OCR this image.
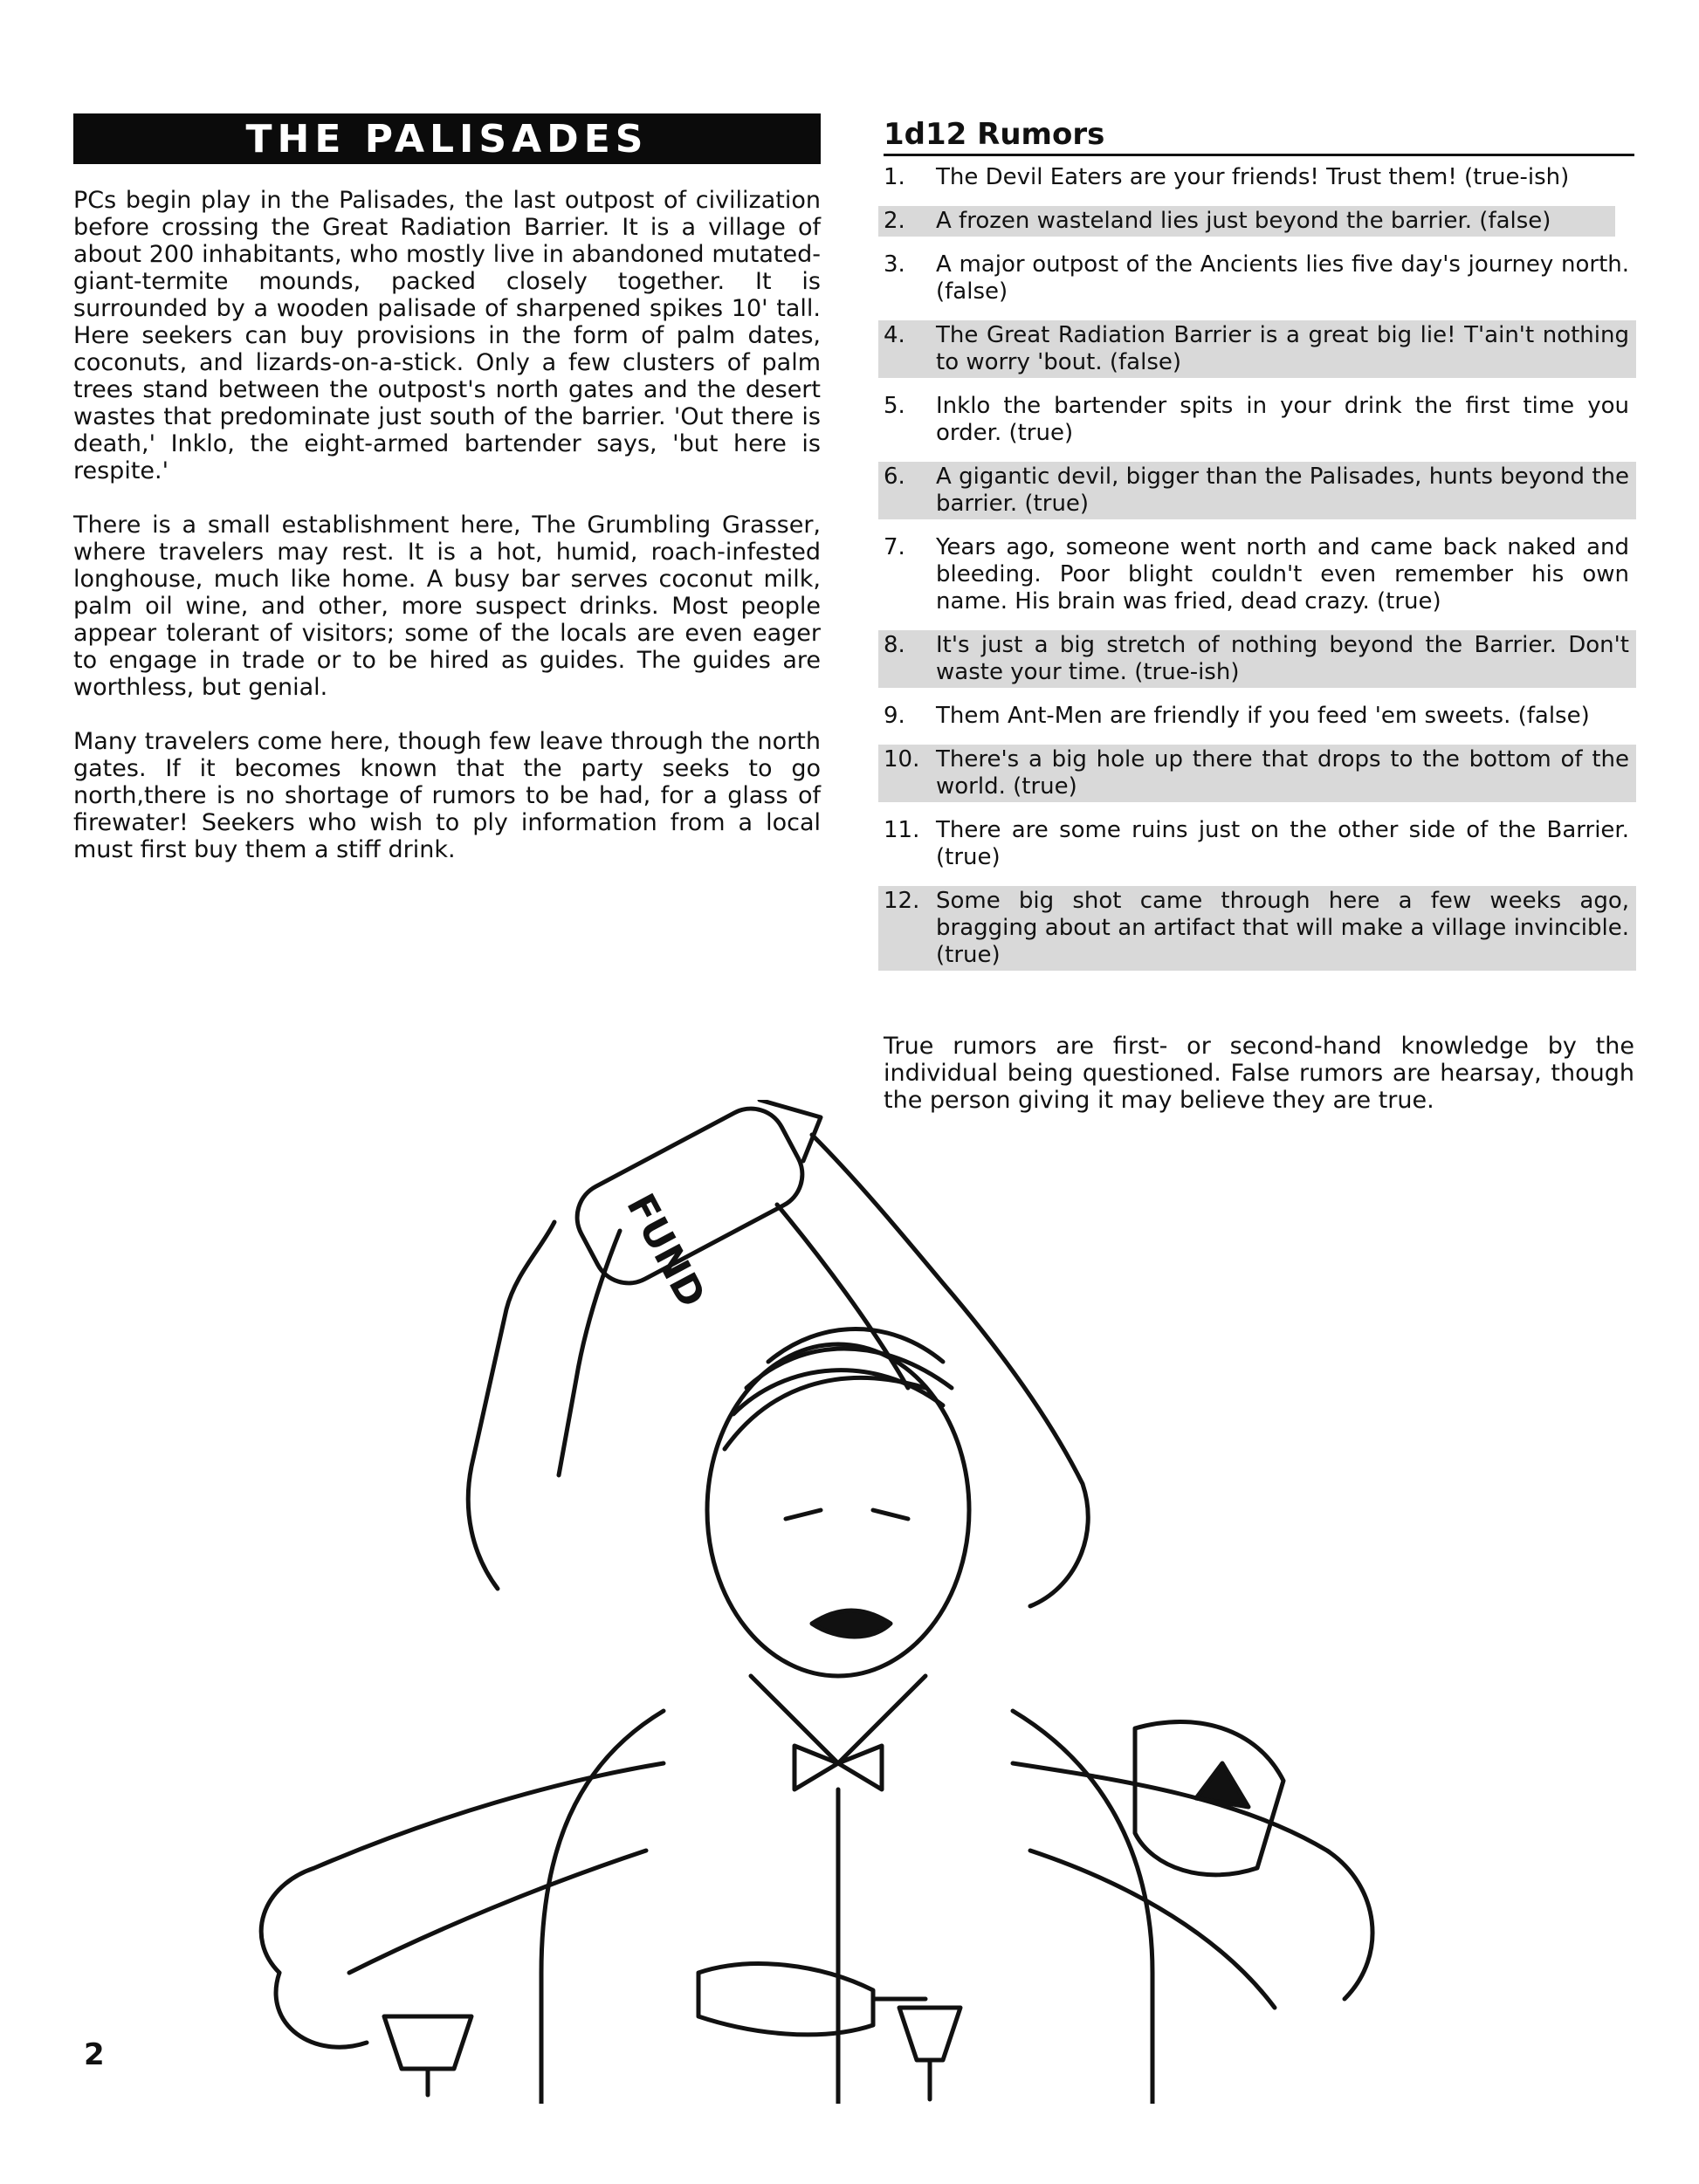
THE PALISADES

PCs begin play in the Palisades, the last outpost of civilization before crossing the Great Radiation Barrier. It is a village of about 200 inhabitants, who mostly live in abandoned mutated-giant-termite mounds, packed closely together. It is surrounded by a wooden palisade of sharpened spikes 10' tall. Here seekers can buy provisions in the form of palm dates, coconuts, and lizards-on-a-stick. Only a few clusters of palm trees stand between the outpost's north gates and the desert wastes that predominate just south of the barrier. 'Out there is death,' Inklo, the eight-armed bartender says, 'but here is respite.'

There is a small establishment here, The Grumbling Grasser, where travelers may rest. It is a hot, humid, roach-infested longhouse, much like home. A busy bar serves coconut milk, palm oil wine, and other, more suspect drinks. Most people appear tolerant of visitors; some of the locals are even eager to engage in trade or to be hired as guides. The guides are worthless, but genial.

Many travelers come here, though few leave through the north gates. If it becomes known that the party seeks to go north,there is no shortage of rumors to be had, for a glass of firewater! Seekers who wish to ply information from a local must first buy them a stiff drink.

1d12 Rumors
1.	The Devil Eaters are your friends! Trust them! (true-ish)
2.	A frozen wasteland lies just beyond the barrier. (false)
3.	A major outpost of the Ancients lies five day's journey north. (false)
4.	The Great Radiation Barrier is a great big lie! T'ain't nothing to worry 'bout. (false)
5.	Inklo the bartender spits in your drink the first time you order. (true)
6.	A gigantic devil, bigger than the Palisades, hunts beyond the barrier. (true)
7.	Years ago, someone went north and came back naked and bleeding. Poor blight couldn't even remember his own name. His brain was fried, dead crazy. (true)
8.	It's just a big stretch of nothing beyond the Barrier. Don't waste your time. (true-ish)
9.	Them Ant-Men are friendly if you feed 'em sweets. (false)
10. There's a big hole up there that drops to the bottom of the world. (true)
11. There are some ruins just on the other side of the Barrier. (true)
12. Some big shot came through here a few weeks ago, bragging about an artifact that will make a village invincible. (true)

True rumors are first- or second-hand knowledge by the individual being questioned. False rumors are hearsay, though the person giving it may believe they are true.

FUND
2
